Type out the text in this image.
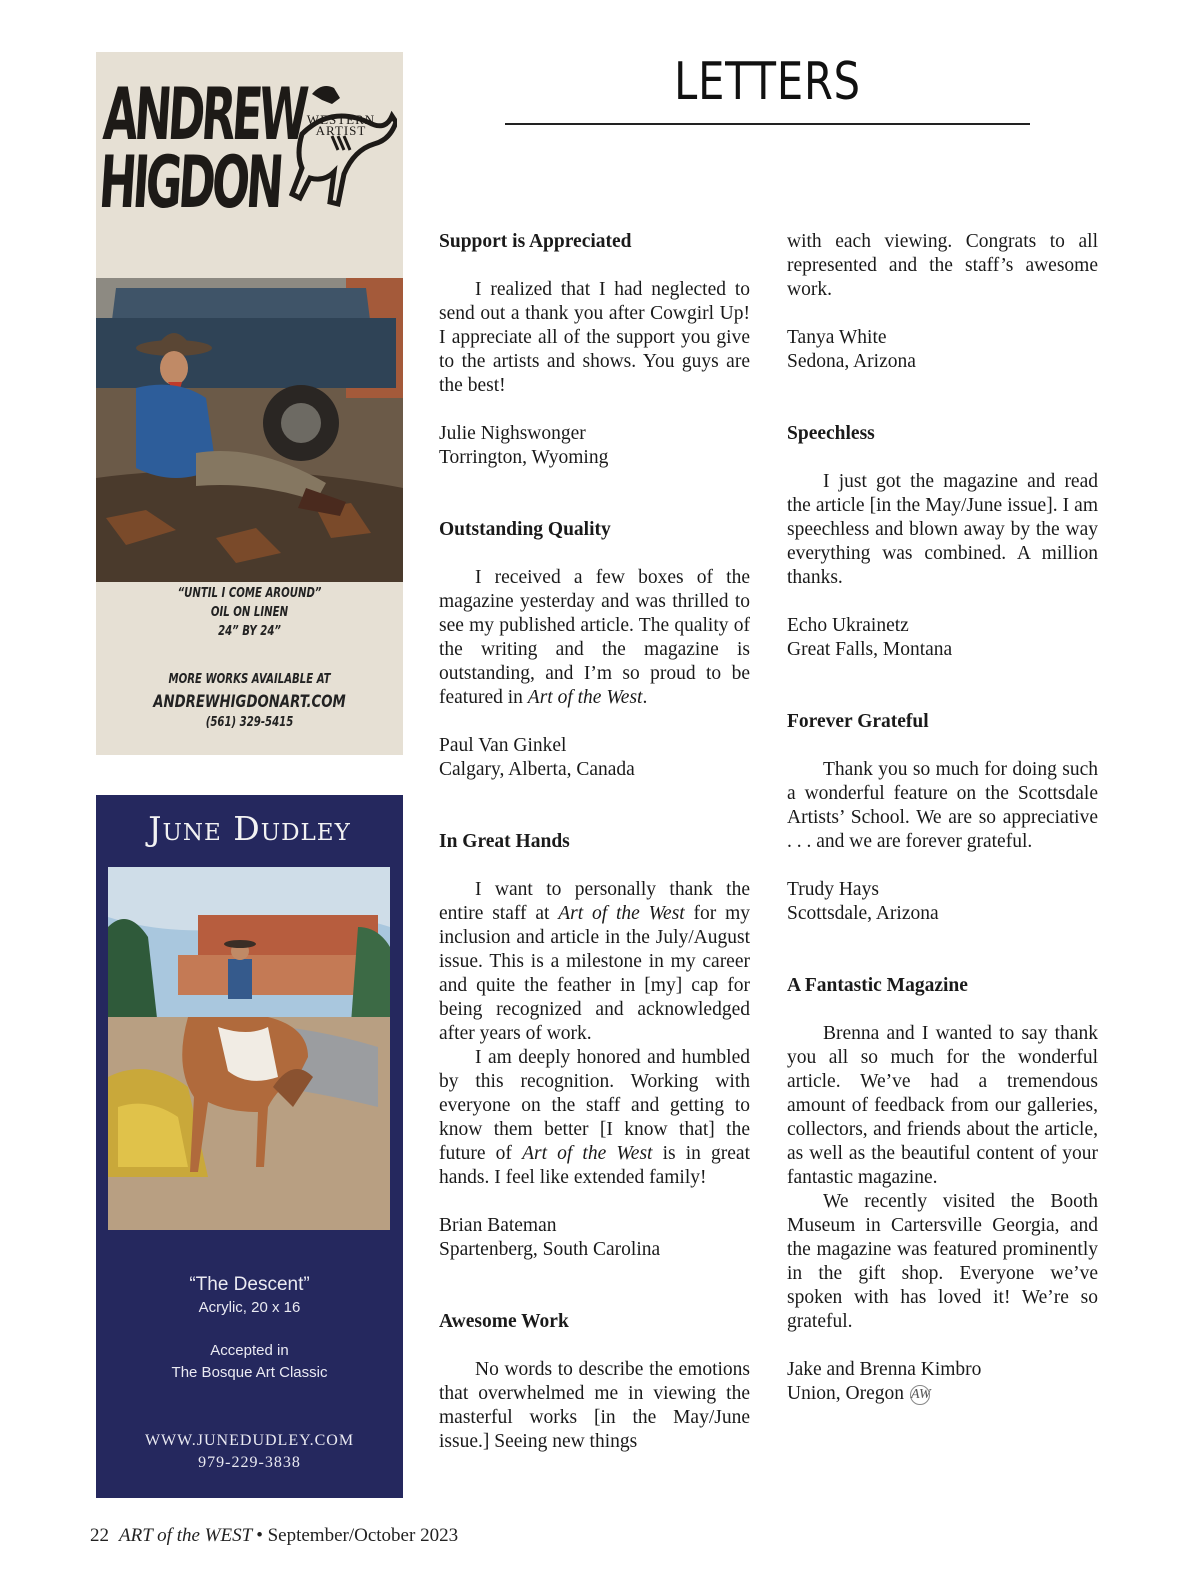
ANDREW
HIGDON
WESTERN
ARTIST
“UNTIL I COME AROUND”
OIL ON LINEN
24” BY 24”
MORE WORKS AVAILABLE AT
ANDREWHIGDONART.COM
(561) 329-5415
June Dudley
“The Descent”
Acrylic, 20 x 16
Accepted in
The Bosque Art Classic
WWW.JUNEDUDLEY.COM
979-229-3838
LETTERS
Support is Appreciated

I realized that I had neglected to send out a thank you after Cowgirl Up! I appreciate all of the support you give to the artists and shows. You guys are the best!

Julie Nighswonger
Torrington, Wyoming
Outstanding Quality

I received a few boxes of the magazine yesterday and was thrilled to see my published article. The quality of the writing and the magazine is outstanding, and I’m so proud to be featured in Art of the West.

Paul Van Ginkel
Calgary, Alberta, Canada
In Great Hands

I want to personally thank the entire staff at Art of the West for my inclusion and article in the July/August issue. This is a milestone in my career and quite the feather in [my] cap for being recognized and acknowledged after years of work.

I am deeply honored and humbled by this recognition. Working with everyone on the staff and getting to know them better [I know that] the future of Art of the West is in great hands. I feel like extended family!

Brian Bateman
Spartenberg, South Carolina
Awesome Work

No words to describe the emotions that overwhelmed me in viewing the masterful works [in the May/June issue.] Seeing new things

with each viewing. Congrats to all represented and the staff’s awesome work.

Tanya White
Sedona, Arizona
Speechless

I just got the magazine and read the article [in the May/June issue]. I am speechless and blown away by the way everything was combined. A million thanks.

Echo Ukrainetz
Great Falls, Montana
Forever Grateful

Thank you so much for doing such a wonderful feature on the Scottsdale Artists’ School. We are so appreciative . . . and we are forever grateful.

Trudy Hays
Scottsdale, Arizona
A Fantastic Magazine

Brenna and I wanted to say thank you all so much for the wonderful article. We’ve had a tremendous amount of feedback from our galleries, collectors, and friends about the article, as well as the beautiful content of your fantastic magazine.

We recently visited the Booth Museum in Cartersville Georgia, and the magazine was featured prominently in the gift shop. Everyone we’ve spoken with has loved it! We’re so grateful.

Jake and Brenna Kimbro
Union, Oregon AW
22 ART of the WEST • September/October 2023
